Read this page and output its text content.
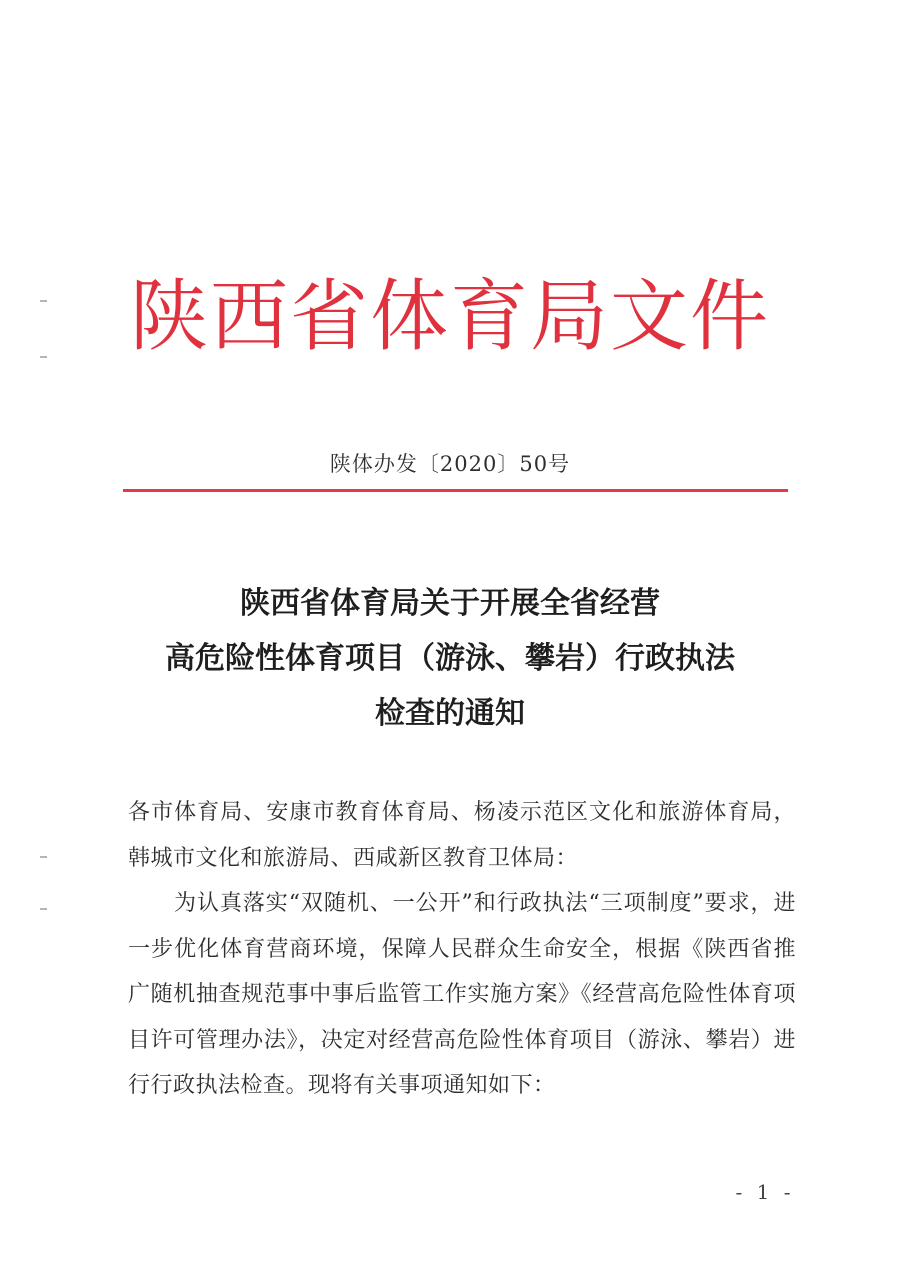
陕西省体育局文件
陕体办发〔2020〕50号
陕西省体育局关于开展全省经营
高危险性体育项目（游泳、攀岩）行政执法
检查的通知

各市体育局、安康市教育体育局、杨凌示范区文化和旅游体育局，韩城市文化和旅游局、西咸新区教育卫体局：

为认真落实“双随机、一公开”和行政执法“三项制度”要求，进一步优化体育营商环境，保障人民群众生命安全，根据《陕西省推广随机抽查规范事中事后监管工作实施方案》《经营高危险性体育项目许可管理办法》，决定对经营高危险性体育项目（游泳、攀岩）进行行政执法检查。现将有关事项通知如下：

- 1 -
